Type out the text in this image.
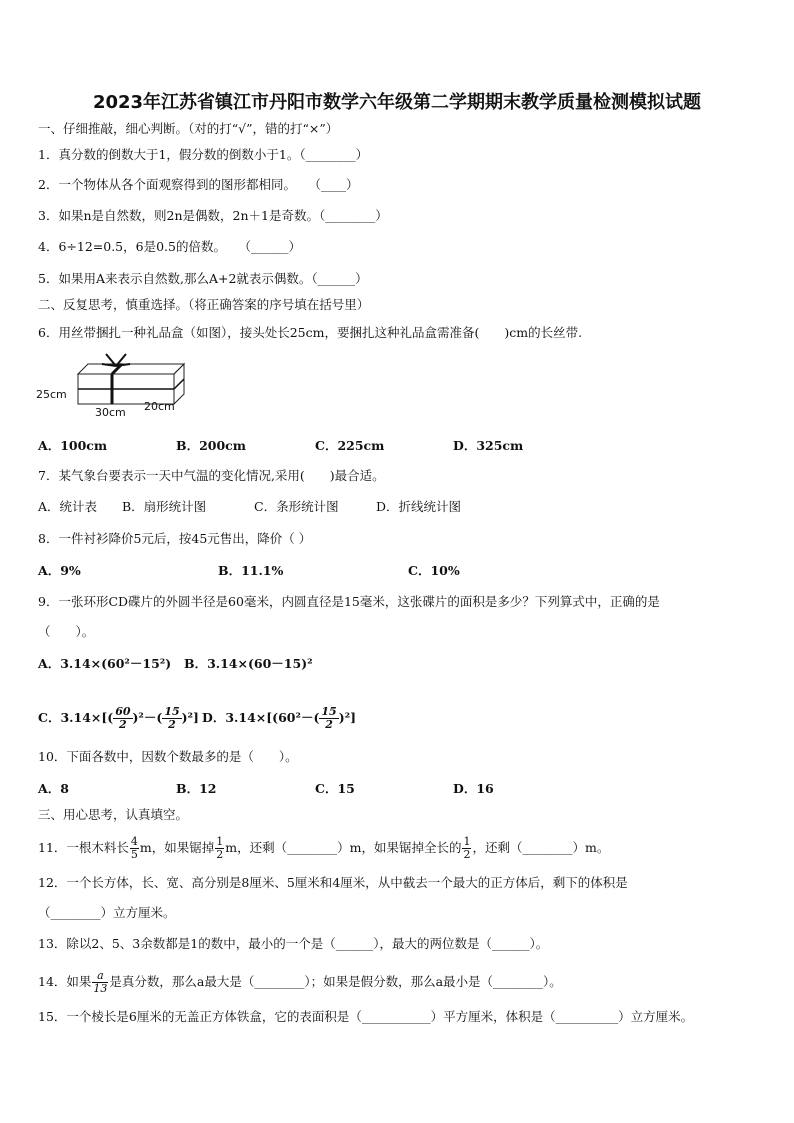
2023年江苏省镇江市丹阳市数学六年级第二学期期末教学质量检测模拟试题
一、仔细推敲，细心判断。（对的打“√”，错的打“×”）
1．真分数的倒数大于1，假分数的倒数小于1。（________）
2．一个物体从各个面观察得到的图形都相同。　　（____）
3．如果n是自然数，则2n是偶数，2n＋1是奇数。（________）
4．6÷12=0.5，6是0.5的倍数。　　（______）
5．如果用A来表示自然数,那么A+2就表示偶数。（______）
二、反复思考，慎重选择。（将正确答案的序号填在括号里）
6．用丝带捆扎一种礼品盒（如图），接头处长25cm，要捆扎这种礼品盒需准备(　　)cm的长丝带.
25cm
30cm 20cm
A．100cm	B．200cm	C．225cm	D．325cm
7．某气象台要表示一天中气温的变化情况,采用(　　)最合适。
A．统计表 B．扇形统计图	C．条形统计图	D．折线统计图
8．一件衬衫降价5元后，按45元售出，降价（ ）
A．9%	B．11.1%	C．10%
9．一张环形CD碟片的外圆半径是60毫米，内圆直径是15毫米，这张碟片的面积是多少？下列算式中，正确的是
（　　）。
A．3.14×(60²－15²) B．3.14×(60－15)²
C．$3.14\times[( \frac{60}{2} )^2-( \frac{15}{2} )^2]$ D．$3.14\times[(60^2-( \frac{15}{2} )^2]$
10．下面各数中，因数个数最多的是（　　）。
A．8	B．12	C．15	D．16
三、用心思考，认真填空。
11．一根木料长 $\frac{4}{5}$ m，如果锯掉 $\frac{1}{2}$ m，还剩（________）m，如果锯掉全长的 $\frac{1}{2}$ ，还剩（________）m。
12．一个长方体，长、宽、高分别是8厘米、5厘米和4厘米，从中截去一个最大的正方体后，剩下的体积是
（________）立方厘米。
13．除以2、5、3余数都是1的数中，最小的一个是（______），最大的两位数是（______）。
14．如果 $\frac{a}{13}$ 是真分数，那么a最大是（________）；如果是假分数，那么a最小是（________）。
15．一个棱长是6厘米的无盖正方体铁盒，它的表面积是（___________）平方厘米，体积是（__________）立方厘米。
